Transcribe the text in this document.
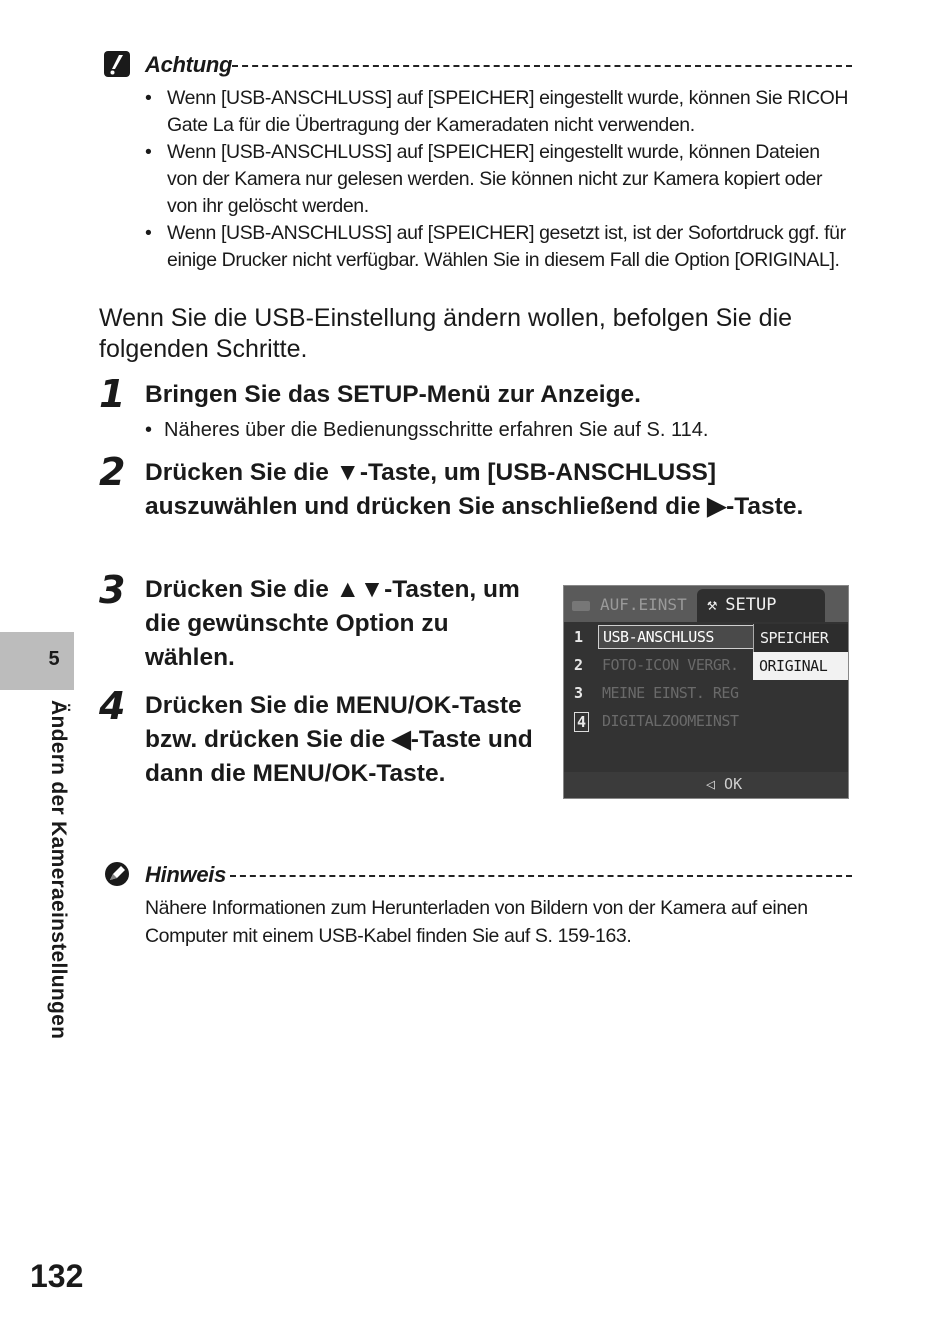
Achtung
• Wenn [USB-ANSCHLUSS] auf [SPEICHER] eingestellt wurde, können Sie RICOH Gate La für die Übertragung der Kameradaten nicht verwenden.
• Wenn [USB-ANSCHLUSS] auf [SPEICHER] eingestellt wurde, können Dateien von der Kamera nur gelesen werden. Sie können nicht zur Kamera kopiert oder von ihr gelöscht werden.
• Wenn [USB-ANSCHLUSS] auf [SPEICHER] gesetzt ist, ist der Sofortdruck ggf. für einige Drucker nicht verfügbar. Wählen Sie in diesem Fall die Option [ORIGINAL].

Wenn Sie die USB-Einstellung ändern wollen, befolgen Sie die folgenden Schritte.

1 Bringen Sie das SETUP-Menü zur Anzeige.

• Näheres über die Bedienungsschritte erfahren Sie auf S. 114.

2 Drücken Sie die ▼-Taste, um [USB-ANSCHLUSS] auszuwählen und drücken Sie anschließend die ▶-Taste.

3 Drücken Sie die ▲▼-Tasten, um die gewünschte Option zu wählen.

4 Drücken Sie die MENU/OK-Taste bzw. drücken Sie die ◀-Taste und dann die MENU/OK-Taste.

AUF.EINST	⚒ SETUP
1	USB-ANSCHLUSS
2 FOTO-ICON VERGR.
3 MEINE EINST. REG
4 DIGITALZOOMEINST
SPEICHER
ORIGINAL
◁ OK
Hinweis

Nähere Informationen zum Herunterladen von Bildern von der Kamera auf einen Computer mit einem USB-Kabel finden Sie auf S. 159-163.

5
Ändern der Kameraeinstellungen
132
